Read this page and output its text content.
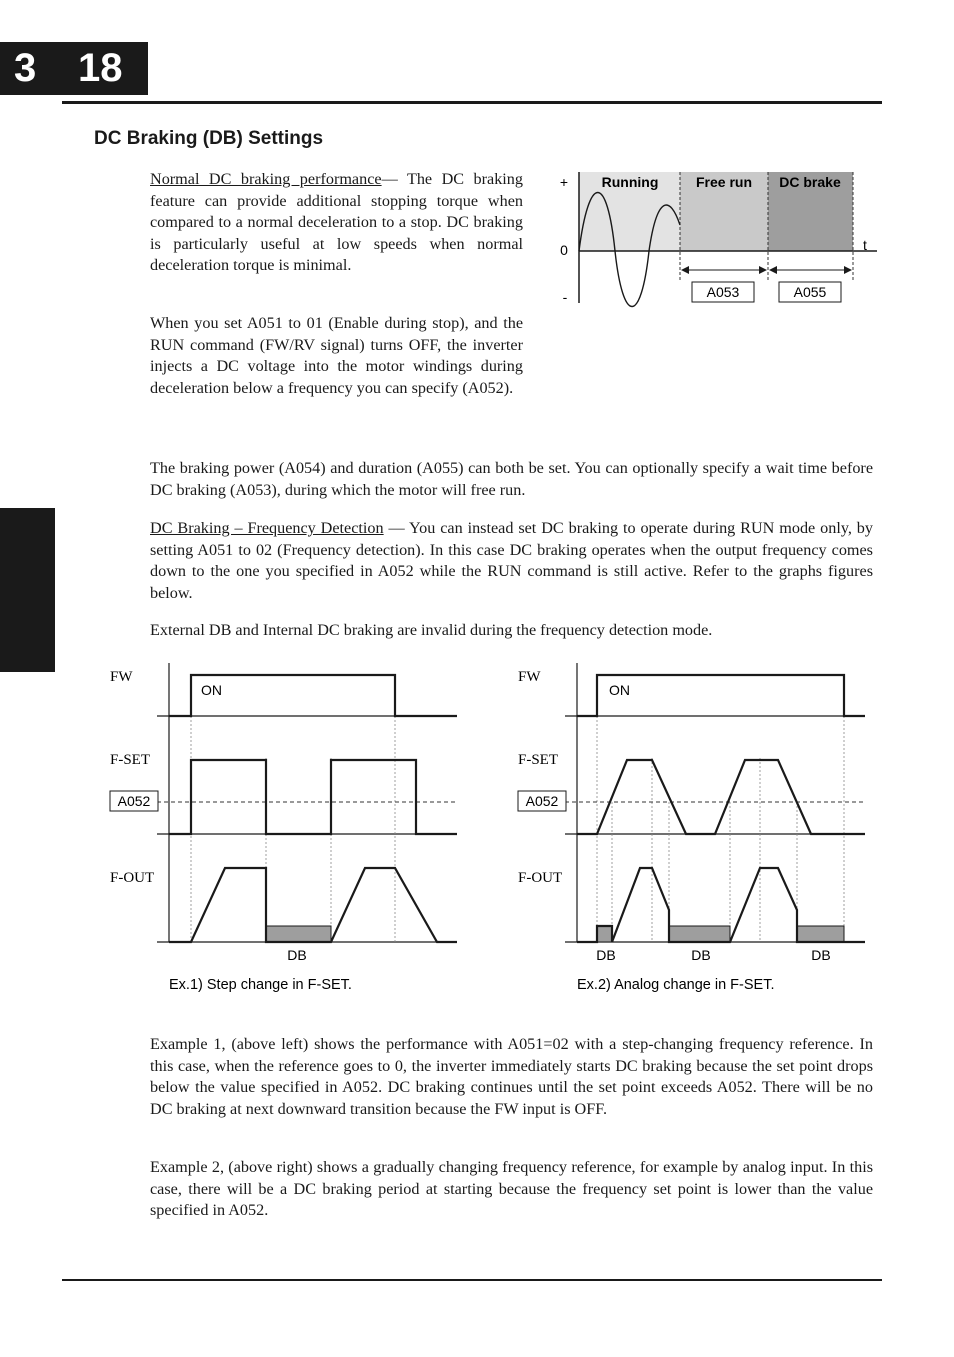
3 18
DC Braking (DB) Settings
Configuring Drive Parameters

Normal DC braking performance— The DC braking feature can provide additional stopping torque when compared to a normal deceleration to a stop. DC braking is particularly useful at low speeds when normal deceleration torque is minimal.

When you set A051 to 01 (Enable during stop), and the RUN command (FW/RV signal) turns OFF, the inverter injects a DC voltage into the motor windings during deceleration below a frequency you can specify (A052).

The braking power (A054) and duration (A055) can both be set. You can optionally specify a wait time before DC braking (A053), during which the motor will free run.

DC Braking – Frequency Detection — You can instead set DC braking to operate during RUN mode only, by setting A051 to 02 (Frequency detection). In this case DC braking operates when the output frequency comes down to the one you specified in A052 while the RUN command is still active. Refer to the graphs figures below.

External DB and Internal DC braking are invalid during the frequency detection mode.

+
0
-
t
Running	Free run DC brake
A053	A055
FW
F-SET
F-OUT
ON
A052
DB
Ex.1) Step change in F-SET.
FW
F-SET
F-OUT
ON
A052
DB	DB	DB
Ex.2) Analog change in F-SET.

Example 1, (above left) shows the performance with A051=02 with a step-changing frequency reference. In this case, when the reference goes to 0, the inverter immediately starts DC braking because the set point drops below the value specified in A052. DC braking continues until the set point exceeds A052. There will be no DC braking at next downward transition because the FW input is OFF.

Example 2, (above right) shows a gradually changing frequency reference, for example by analog input. In this case, there will be a DC braking period at starting because the frequency set point is lower than the value specified in A052.
